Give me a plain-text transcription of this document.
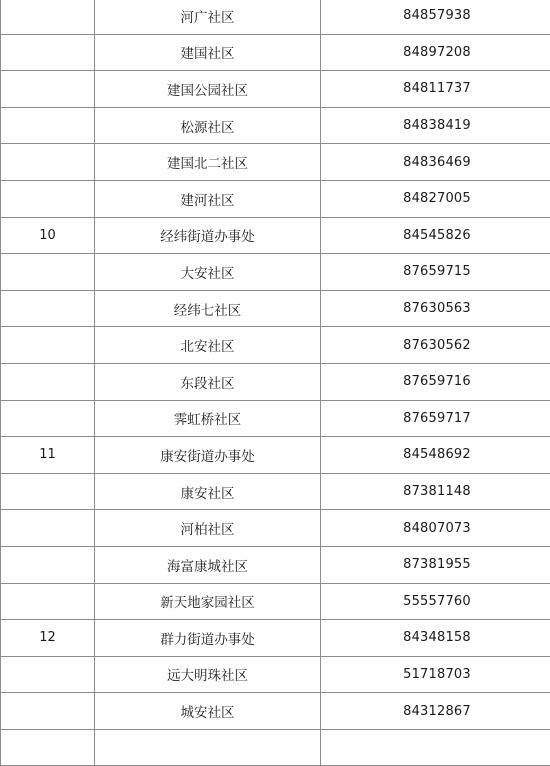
	河广社区	84857938
	建国社区	84897208
	建国公园社区	84811737
	松源社区	84838419
	建国北二社区	84836469
	建河社区	84827005
10	经纬街道办事处	84545826
	大安社区	87659715
	经纬七社区	87630563
	北安社区	87630562
	东段社区	87659716
	霁虹桥社区	87659717
11	康安街道办事处	84548692
	康安社区	87381148
	河柏社区	84807073
	海富康城社区	87381955
	新天地家园社区	55557760
12	群力街道办事处	84348158
	远大明珠社区	51718703
	城安社区	84312867
